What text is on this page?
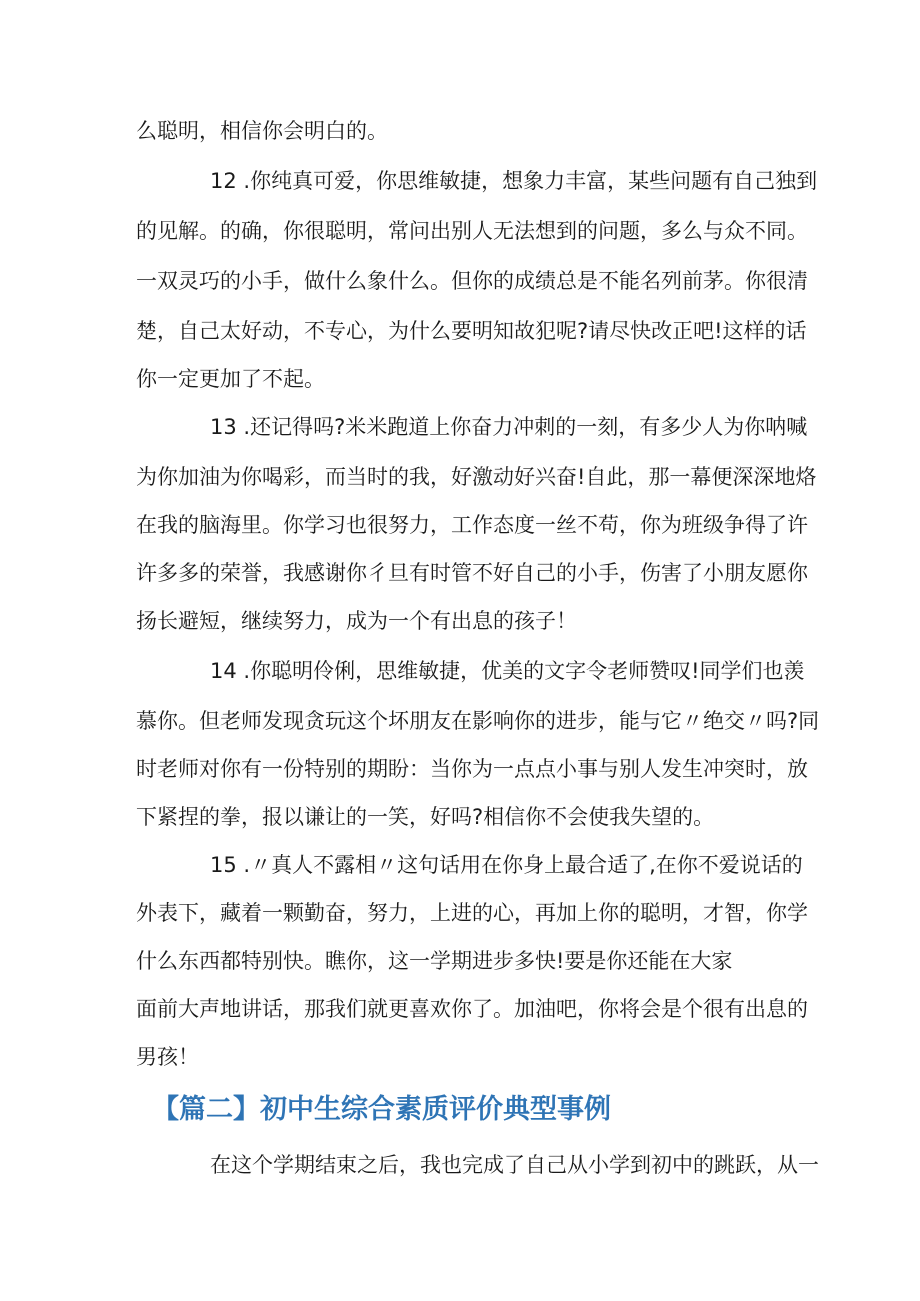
么聪明，相信你会明白的。

12 .你纯真可爱，你思维敏捷，想象力丰富，某些问题有自己独到

的见解。的确，你很聪明，常问出别人无法想到的问题，多么与众不同。

一双灵巧的小手，做什么象什么。但你的成绩总是不能名列前茅。你很清

楚，自己太好动，不专心，为什么要明知故犯呢?请尽快改正吧!这样的话

你一定更加了不起。

13 .还记得吗?米米跑道上你奋力冲刺的一刻，有多少人为你呐喊

为你加油为你喝彩，而当时的我，好激动好兴奋!自此，那一幕便深深地烙

在我的脑海里。你学习也很努力，工作态度一丝不苟，你为班级争得了许

许多多的荣誉，我感谢你彳旦有时管不好自己的小手，伤害了小朋友愿你

扬长避短，继续努力，成为一个有出息的孩子！

14 .你聪明伶俐，思维敏捷，优美的文字令老师赞叹!同学们也羡

慕你。但老师发现贪玩这个坏朋友在影响你的进步，能与它〃绝交〃吗?同

时老师对你有一份特别的期盼：当你为一点点小事与别人发生冲突时，放

下紧捏的拳，报以谦让的一笑，好吗?相信你不会使我失望的。

15 .〃真人不露相〃这句话用在你身上最合适了,在你不爱说话的

外表下，藏着一颗勤奋，努力，上进的心，再加上你的聪明，才智，你学

什么东西都特别快。瞧你，这一学期进步多快!要是你还能在大家

面前大声地讲话，那我们就更喜欢你了。加油吧，你将会是个很有出息的

男孩！

【篇二】初中生综合素质评价典型事例

在这个学期结束之后，我也完成了自己从小学到初中的跳跃，从一
